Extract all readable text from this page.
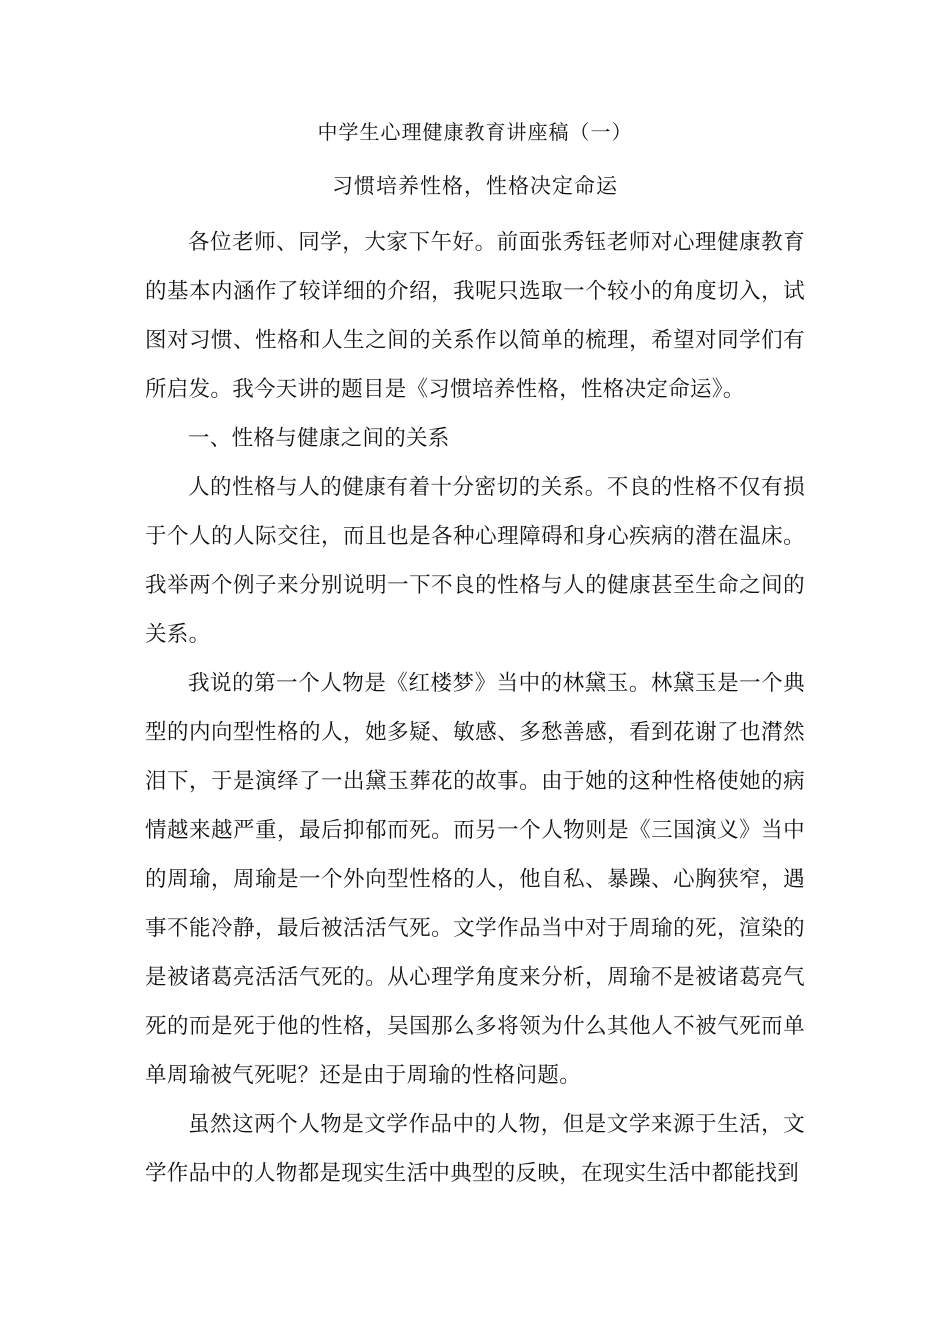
中学生心理健康教育讲座稿（一）
习惯培养性格，性格决定命运

各位老师、同学，大家下午好。前面张秀钰老师对心理健康教育的基本内涵作了较详细的介绍，我呢只选取一个较小的角度切入，试图对习惯、性格和人生之间的关系作以简单的梳理，希望对同学们有所启发。我今天讲的题目是《习惯培养性格，性格决定命运》。

一、性格与健康之间的关系

人的性格与人的健康有着十分密切的关系。不良的性格不仅有损于个人的人际交往，而且也是各种心理障碍和身心疾病的潜在温床。我举两个例子来分别说明一下不良的性格与人的健康甚至生命之间的关系。

我说的第一个人物是《红楼梦》当中的林黛玉。林黛玉是一个典型的内向型性格的人，她多疑、敏感、多愁善感，看到花谢了也潸然泪下，于是演绎了一出黛玉葬花的故事。由于她的这种性格使她的病情越来越严重，最后抑郁而死。而另一个人物则是《三国演义》当中的周瑜，周瑜是一个外向型性格的人，他自私、暴躁、心胸狭窄，遇事不能冷静，最后被活活气死。文学作品当中对于周瑜的死，渲染的是被诸葛亮活活气死的。从心理学角度来分析，周瑜不是被诸葛亮气死的而是死于他的性格，吴国那么多将领为什么其他人不被气死而单单周瑜被气死呢？还是由于周瑜的性格问题。

虽然这两个人物是文学作品中的人物，但是文学来源于生活，文学作品中的人物都是现实生活中典型的反映，在现实生活中都能找到
